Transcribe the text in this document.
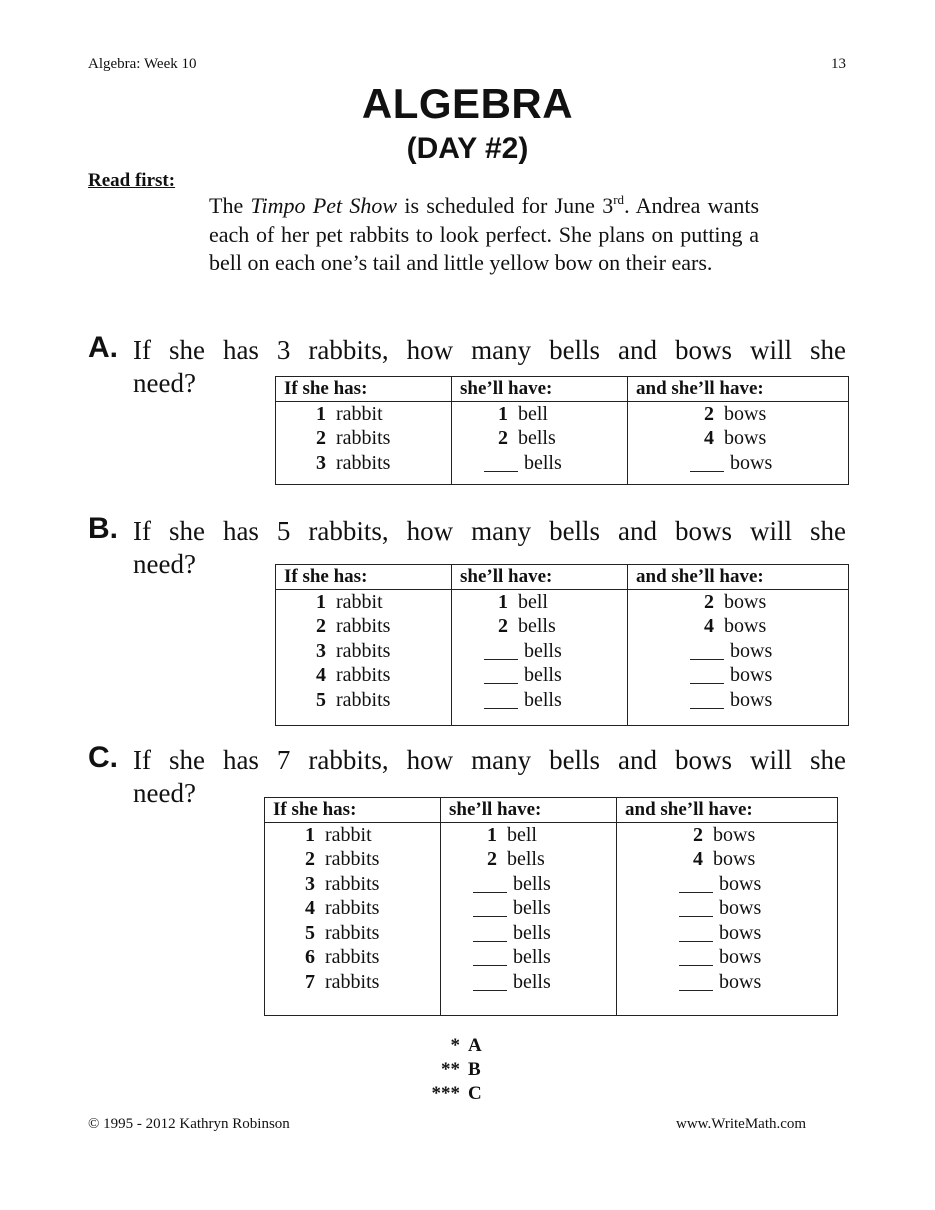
Algebra: Week 10	13
ALGEBRA
(DAY #2)
Read first:
The Timpo Pet Show is scheduled for June 3rd. Andrea wants each of her pet rabbits to look perfect. She plans on putting a bell on each one’s tail and little yellow bow on their ears.
A. If she has 3 rabbits, how many bells and bows will she
need?	If she has:	she’ll have:	and she’ll have:
1 rabbit	1 bell	2 bows
2 rabbits	2 bells	4 bows
3 rabbits	bells	bows
B. If she has 5 rabbits, how many bells and bows will she
need?	If she has:	she’ll have:	and she’ll have:
1 rabbit	1 bell	2 bows
2 rabbits	2 bells	4 bows
3 rabbits	bells	bows
4 rabbits	bells	bows
5 rabbits	bells	bows
C. If she has 7 rabbits, how many bells and bows will she
need?
If she has:	she’ll have:	and she’ll have:
1 rabbit	1 bell	2 bows
2 rabbits	2 bells	4 bows
3 rabbits	bells	bows
4 rabbits	bells	bows
5 rabbits	bells	bows
6 rabbits	bells	bows
7 rabbits	bells	bows
* A
** B
*** C
© 1995 - 2012 Kathryn Robinson	www.WriteMath.com
